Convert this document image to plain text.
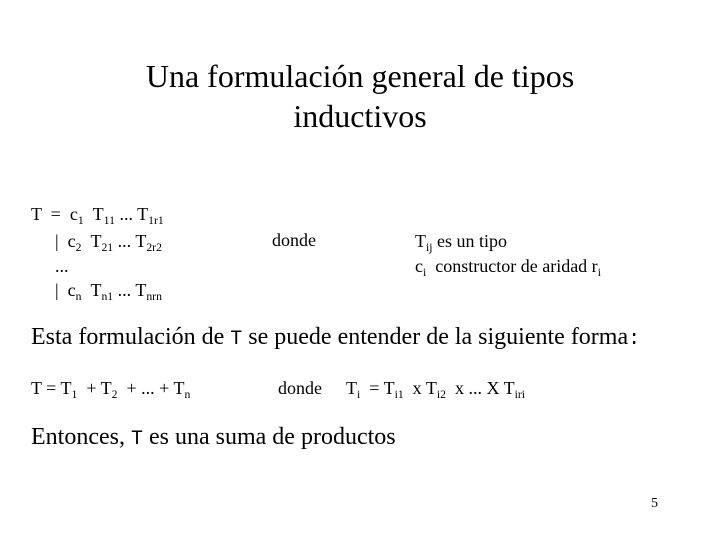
Una formulación general de tipos
inductivos
$T = c_1$ $T_{11}$ ... $T_{1r1}$
| $c_2$ $T_{21}$ ... $T_{2r2}$
...
| $c_n$ $T_{n1}$ ... $T_{nrn}$
donde	$T_{ij}$ es un tipo
$c_i$ constructor de aridad $r_i$
Esta formulación de T se puede entender de la siguiente forma:
$T = T_1 + T_2$ + ... + $T_n$	donde $T_i = T_{i1}$ x $T_{i2}$ x ... X $T_{iri}$
Entonces, T es una suma de productos
5
